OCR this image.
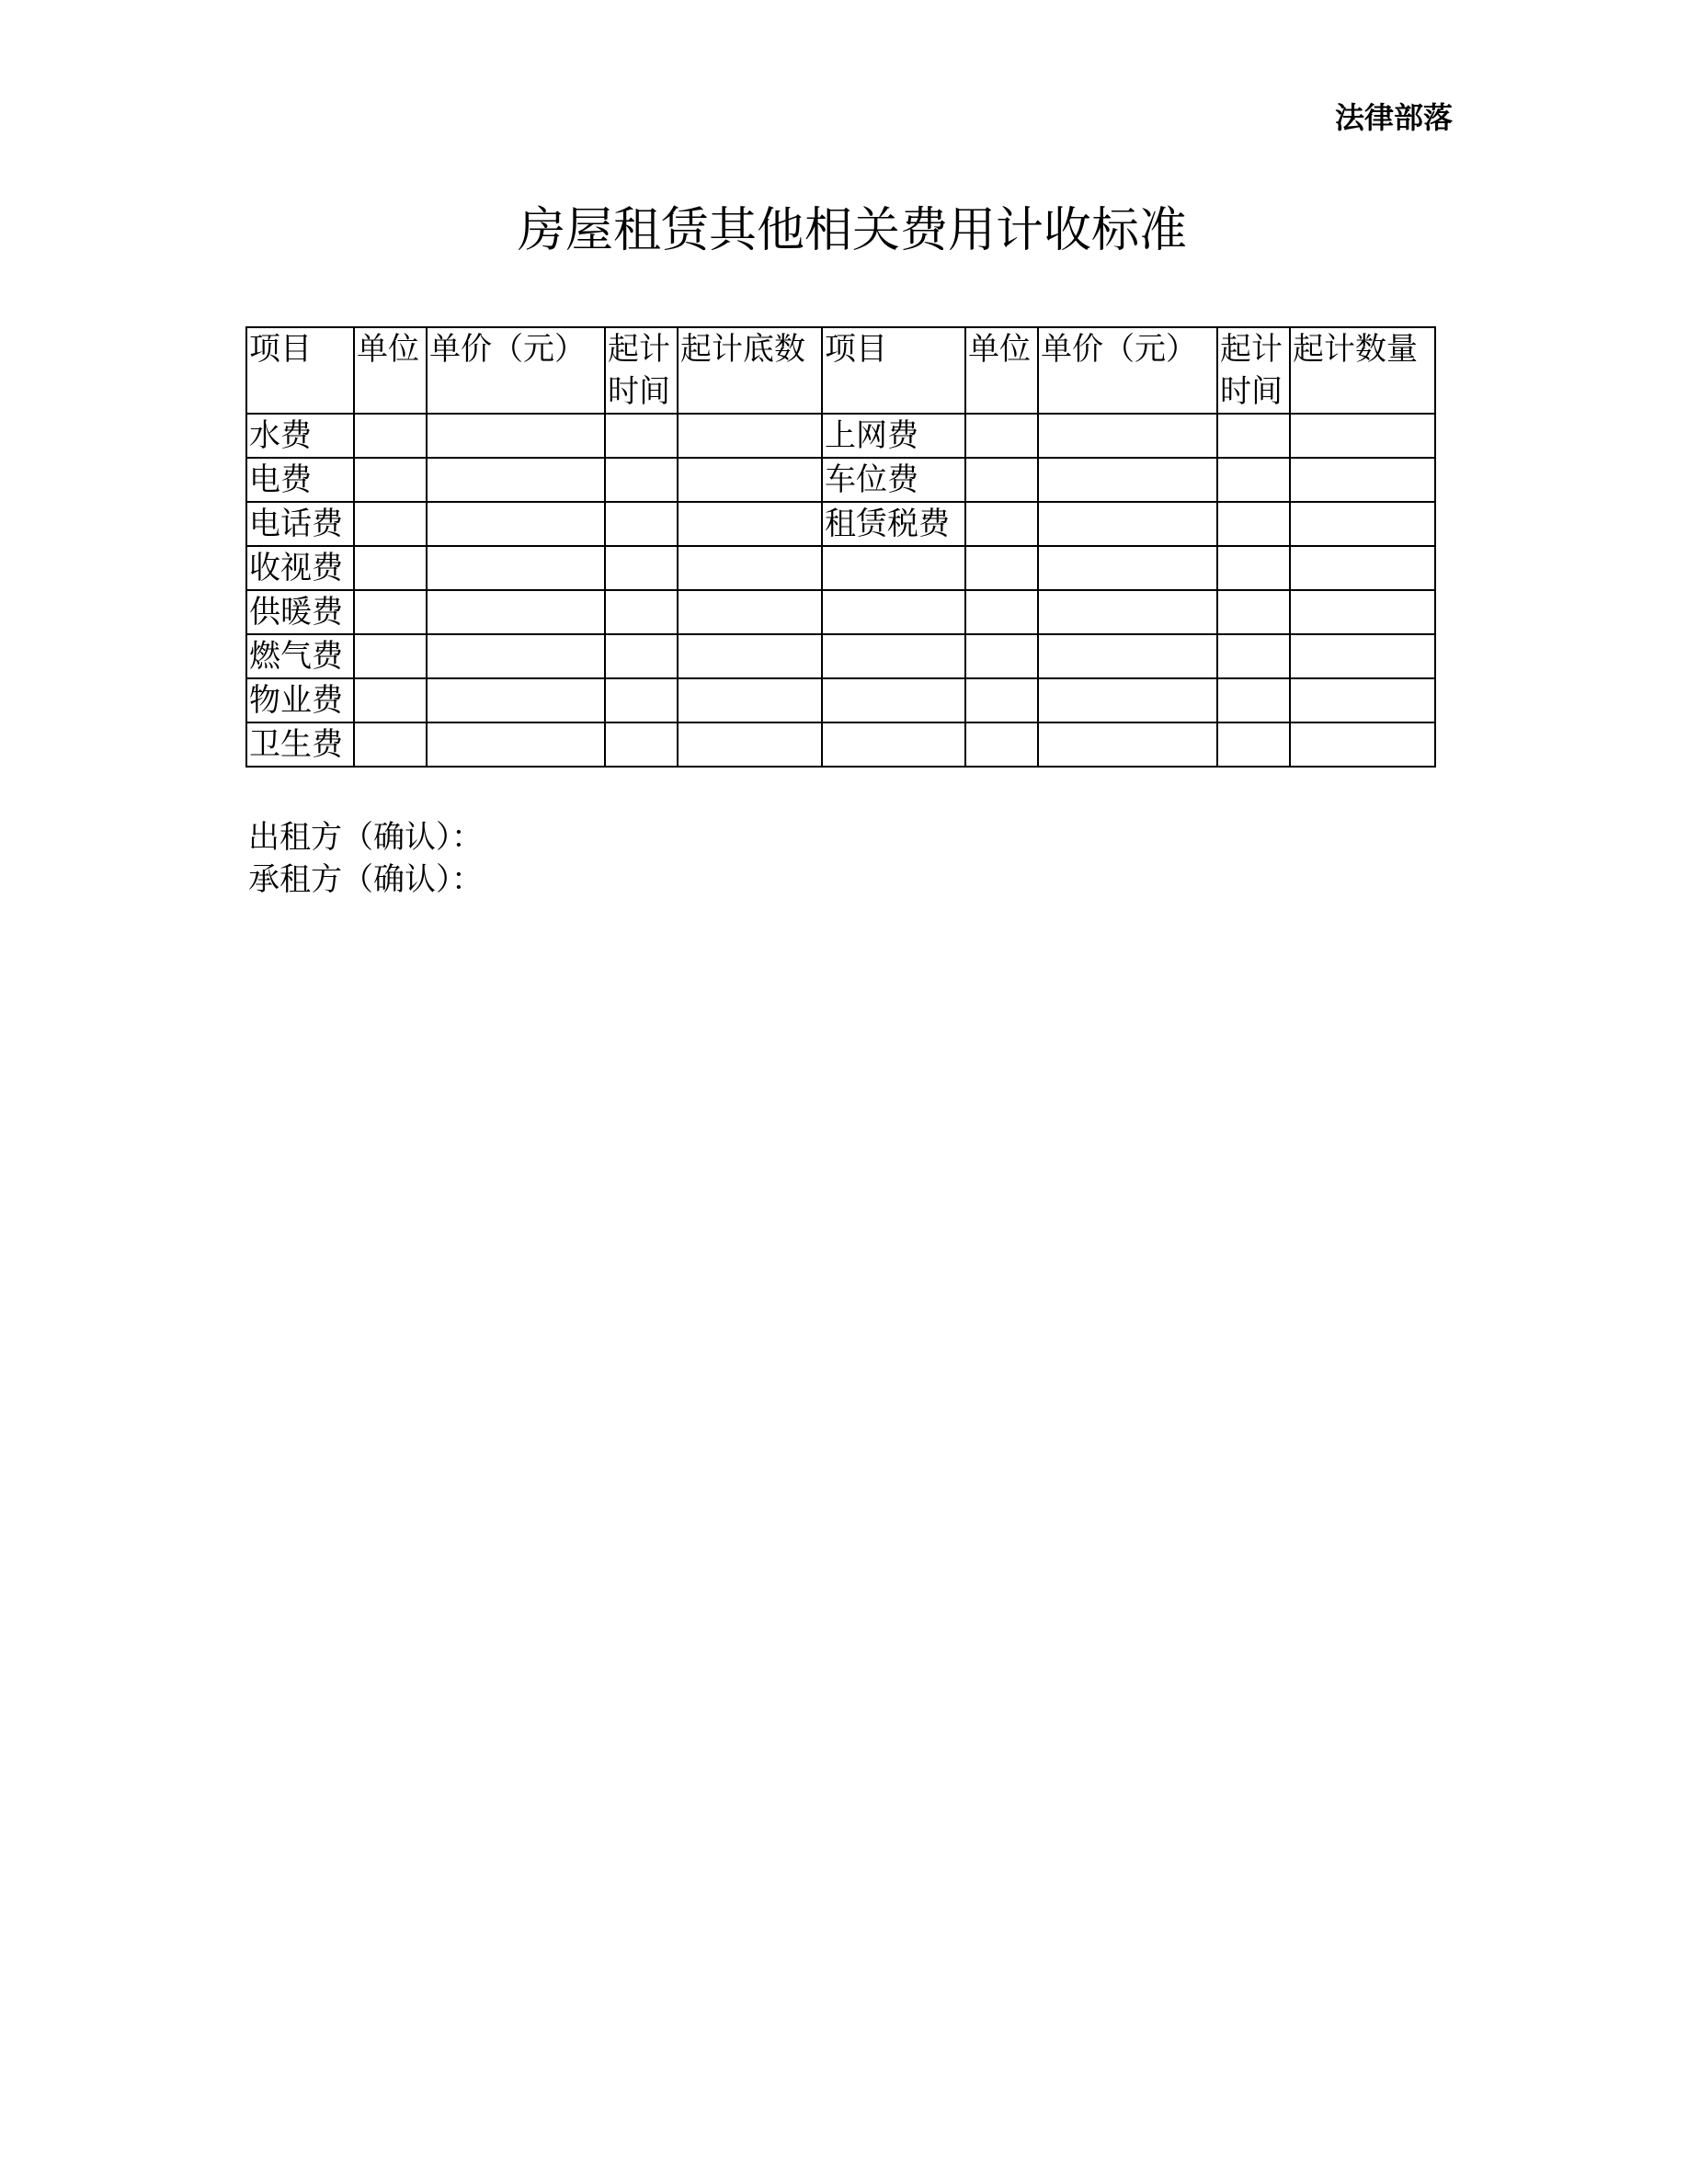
法律部落
房屋租赁其他相关费用计收标准
项目	单位	单价（元）	起计时间	起计底数	项目	单位	单价（元）	起计时间	起计数量
水费					上网费				
电费					车位费				
电话费					租赁税费				
收视费									
供暖费									
燃气费									
物业费									
卫生费									
出租方（确认）：
承租方（确认）：
